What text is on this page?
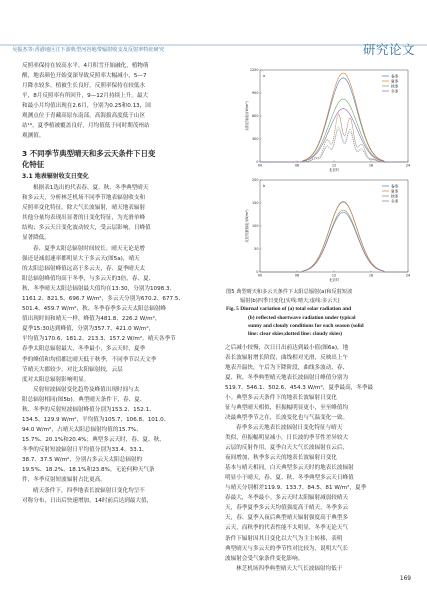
吴振杰等:香港地区江下游典型河谷地带辐射收支及反射率特征研究	研究论文
反照率保持在较高水平，4月积雪开始融化，植物萌
醒，地表颜色开始变深导致反照率大幅减小，5—7
月降水较多，植被生长良好，反照率保持在较低水
平，8月反照率有所回升，9—12月持续上升。最大
和最小月均值出现在2.6月，分别为0.25和0.13，国
观测点位于青藏高原东南部，高海拔高度低于山区
站¹⁹，夏季植被覆盖良好，月均值低于同时期茂州站
观测值。
3 不同季节典型晴天和多云天条件下日变
化特征
3.1 地表辐射收支日变化
根据表1选出的代表春、夏、秋、冬季典型晴天
和多云天，分析林芝机场不同季节地表辐射收支和
反照率变化特征。除大气长波辐射，晴天地表辐射
其他分量均表现出显著的日变化特征，为光滑单峰
结构；多云天日变化波动较大，受云层影响，日峰值
显著降低。
春、夏季太阳总辐射时间较长。晴天无论是增
强还是减弱速率都明显大于多云天(图5a)，晴天
的太阳总辐射峰值远高于多云天，春、夏季晴天太
阳总辐射峰值均高于冬季，与多云天的3倍，春、夏、
秋、冬季晴天太阳总辐射最大值均在13:30，分别为1098.3、
1161.2、821.5、696.7 W/m²，多云天分别为670.2、677.5、
501.4、459.7 W/m²，秋、冬季春季多云天太阳总辐射峰
值出现时间和晴天一样，峰值为481.8、226.2 W/m²，
夏季15:30达到峰值，分别为357.7、421.0 W/m²，
平均值为170.6、181.2、213.3、157.2 W/m²。晴天各季节
春季太阳总辐射最大，冬季最小，多云天时，夏季
季的峰值和均值都比晴天低于秋季，不同季节以天文季
节晴天大都较少，对比太阳辐射较，云层
度对太阳总辐射影响明显。
反射短波辐射变化趋势及峰值出现时间与太
阳总辐射相同(图5b)。典型晴天条件下，春、夏、
秋、冬季的反射短波辐射峰值分别为153.2、152.1、
134.5、129.9 W/m²，平均值为105.7、106.8、101.0、
94.0 W/m²，占晴天太阳总辐射均值的15.7%、
15.7%、20.1%和20.4%；典型多云天时，春、夏、秋、
冬季的反射短波辐射日平均值分别为33.4、33.1、
38.7、37.5 W/m²，分别占多云天太阳总辐射的
19.5%、18.2%、18.1%和23.8%。无论何种天气条
件，冬季反射短波辐射占比更高。
晴天条件下，四季地表长波辐射日变化均呈不
对称分布，日出后快速增加，14时前后达到最大值，
a
0
300
600
900
1200
00	06	12	18	24
北京时
太阳总辐射/(W/m²)
春季
夏季
秋季
冬季
b
0
50
100
150
200
00	06	12	18	24
北京时
反射短波辐射/(W/m²)
春季
夏季
秋季
冬季
图5 典型晴天和多云天条件下太阳总辐射(a)和反射短波
辐射(b)四季日变化(实线:晴天;虚线:多云天)
Fig. 5 Diurnal variation of (a) total solar radiation and
(b) reflected shortwave radiation under typical
sunny and cloudy conditions for each season (solid
line: clear skies;dotted line: cloudy skies)
之后减小较慢，次日日出前达到最小值(图6a)，地
表长波辐射增长阶段，曲线相对光滑，反映出上午
地表升温快，午后为下降阶段，曲线多波动，春、
夏、秋、冬季典型晴天地表长波辐射日峰值分别为
519.7、546.1、502.6、454.3 W/m²，夏季最高，冬季最
小。典型多云天条件下的地表长波辐射日变化
征与典型晴天相似，但振幅明显更小，至至峰值均
决最典型季节之在，长波变化也与气温变化一致。
春季多云天地表长波辐射日变化特征与晴天
类似，但振幅明显减小，日长波的季节性差异较大
云层的反射作用，夏季白天大气长波辐射在云后，
夜间增加，秋季多云天的地表长波辐射日变化
基本与晴天相同，白天典型多云天时的地表长波辐射
明显小于晴天，春、夏、秋、冬季典型多云天日峰值
与晴天分别相差119.9、133.7、84.5、81 W/m²，夏季
春最大，冬季最小。多云天时太阳辐射减弱较晴天
天，春季夏季多云天均值强度高于晴天，冬季多云
天，春、夏季入夜后典型晴天辐射强度高于典型多
云天，而秋季的代表性能不太明显，冬季无论天气
条件下辐射因其日变化以大气为主主转移，表明
典型晴天与多云天的季节性对比较为，说明大气长
波辐射会受气象条件变化影响。
林芝机场四季典型晴天大气长波辐射均低于
169
